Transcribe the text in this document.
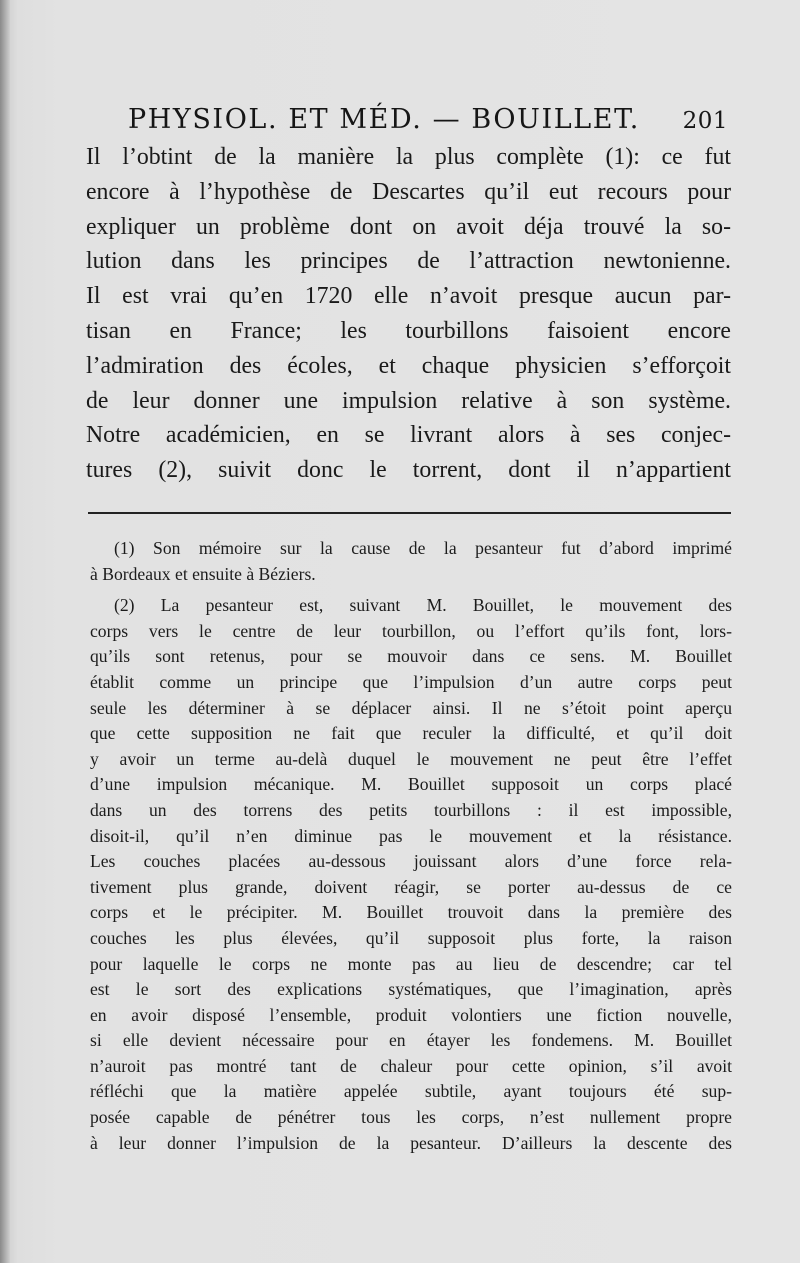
PHYSIOL. ET MÉD. — BOUILLET. 201
Il l’obtint de la manière la plus complète (1): ce fut
encore à l’hypothèse de Descartes qu’il eut recours pour
expliquer un problème dont on avoit déja trouvé la so-
lution dans les principes de l’attraction newtonienne.
Il est vrai qu’en 1720 elle n’avoit presque aucun par-
tisan en France; les tourbillons faisoient encore
l’admiration des écoles, et chaque physicien s’efforçoit
de leur donner une impulsion relative à son système.
Notre académicien, en se livrant alors à ses conjec-
tures (2), suivit donc le torrent, dont il n’appartient
(1) Son mémoire sur la cause de la pesanteur fut d’abord imprimé
à Bordeaux et ensuite à Béziers.
(2) La pesanteur est, suivant M. Bouillet, le mouvement des
corps vers le centre de leur tourbillon, ou l’effort qu’ils font, lors-
qu’ils sont retenus, pour se mouvoir dans ce sens. M. Bouillet
établit comme un principe que l’impulsion d’un autre corps peut
seule les déterminer à se déplacer ainsi. Il ne s’étoit point aperçu
que cette supposition ne fait que reculer la difficulté, et qu’il doit
y avoir un terme au-delà duquel le mouvement ne peut être l’effet
d’une impulsion mécanique. M. Bouillet supposoit un corps placé
dans un des torrens des petits tourbillons : il est impossible,
disoit-il, qu’il n’en diminue pas le mouvement et la résistance.
Les couches placées au-dessous jouissant alors d’une force rela-
tivement plus grande, doivent réagir, se porter au-dessus de ce
corps et le précipiter. M. Bouillet trouvoit dans la première des
couches les plus élevées, qu’il supposoit plus forte, la raison
pour laquelle le corps ne monte pas au lieu de descendre; car tel
est le sort des explications systématiques, que l’imagination, après
en avoir disposé l’ensemble, produit volontiers une fiction nouvelle,
si elle devient nécessaire pour en étayer les fondemens. M. Bouillet
n’auroit pas montré tant de chaleur pour cette opinion, s’il avoit
réfléchi que la matière appelée subtile, ayant toujours été sup-
posée capable de pénétrer tous les corps, n’est nullement propre
à leur donner l’impulsion de la pesanteur. D’ailleurs la descente des
